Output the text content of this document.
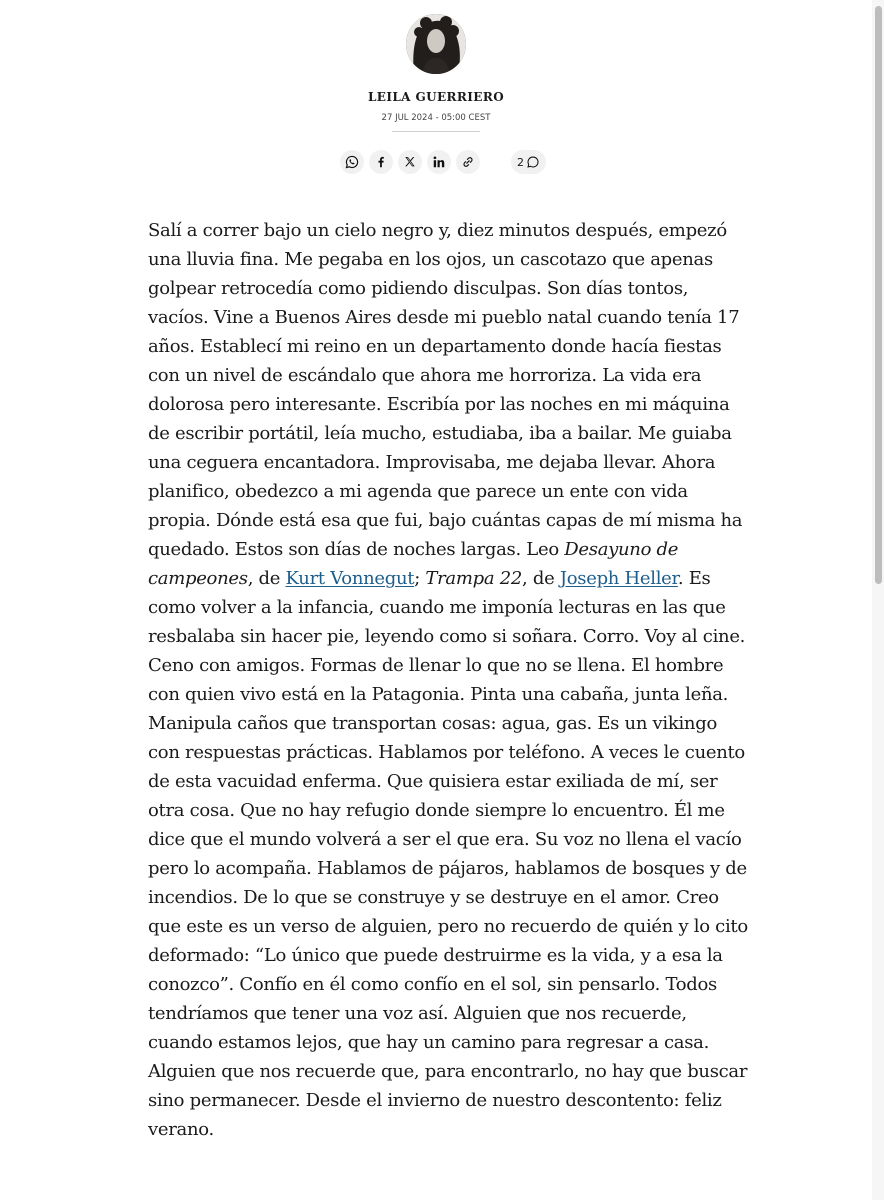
LEILA GUERRIERO
27 JUL 2024 - 05:00 CEST
2

Salí a correr bajo un cielo negro y, diez minutos después, empezó una lluvia fina. Me pegaba en los ojos, un cascotazo que apenas golpear retrocedía como pidiendo disculpas. Son días tontos, vacíos. Vine a Buenos Aires desde mi pueblo natal cuando tenía 17 años. Establecí mi reino en un departamento donde hacía fiestas con un nivel de escándalo que ahora me horroriza. La vida era dolorosa pero interesante. Escribía por las noches en mi máquina de escribir portátil, leía mucho, estudiaba, iba a bailar. Me guiaba una ceguera encantadora. Improvisaba, me dejaba llevar. Ahora planifico, obedezco a mi agenda que parece un ente con vida propia. Dónde está esa que fui, bajo cuántas capas de mí misma ha quedado. Estos son días de noches largas. Leo Desayuno de campeones, de Kurt Vonnegut; Trampa 22, de Joseph Heller. Es como volver a la infancia, cuando me imponía lecturas en las que resbalaba sin hacer pie, leyendo como si soñara. Corro. Voy al cine. Ceno con amigos. Formas de llenar lo que no se llena. El hombre con quien vivo está en la Patagonia. Pinta una cabaña, junta leña. Manipula caños que transportan cosas: agua, gas. Es un vikingo con respuestas prácticas. Hablamos por teléfono. A veces le cuento de esta vacuidad enferma. Que quisiera estar exiliada de mí, ser otra cosa. Que no hay refugio donde siempre lo encuentro. Él me dice que el mundo volverá a ser el que era. Su voz no llena el vacío pero lo acompaña. Hablamos de pájaros, hablamos de bosques y de incendios. De lo que se construye y se destruye en el amor. Creo que este es un verso de alguien, pero no recuerdo de quién y lo cito deformado: “Lo único que puede destruirme es la vida, y a esa la conozco”. Confío en él como confío en el sol, sin pensarlo. Todos tendríamos que tener una voz así. Alguien que nos recuerde, cuando estamos lejos, que hay un camino para regresar a casa. Alguien que nos recuerde que, para encontrarlo, no hay que buscar sino permanecer. Desde el invierno de nuestro descontento: feliz verano.
